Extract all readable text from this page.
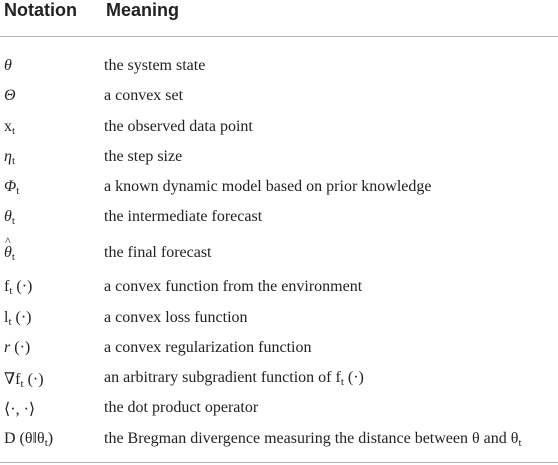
Notation Meaning
θ	the system state
Θ	a convex set
$x_t$	the observed data point
$\eta_t$	the step size
$\Phi_t$	a known dynamic model based on prior knowledge
$\theta_t$	the intermediate forecast
^ $\theta_t$	the final forecast
$f_t$ (·)	a convex function from the environment
$l_t$ (·)	a convex loss function
r (·)	a convex regularization function
$\nabla f_t$ (·)	an arbitrary subgradient function of $f_t$ (·)
⟨·, ·⟩	the dot product operator
D $(\theta‖\theta_t)$	the Bregman divergence measuring the distance between θ and $\theta_t$
